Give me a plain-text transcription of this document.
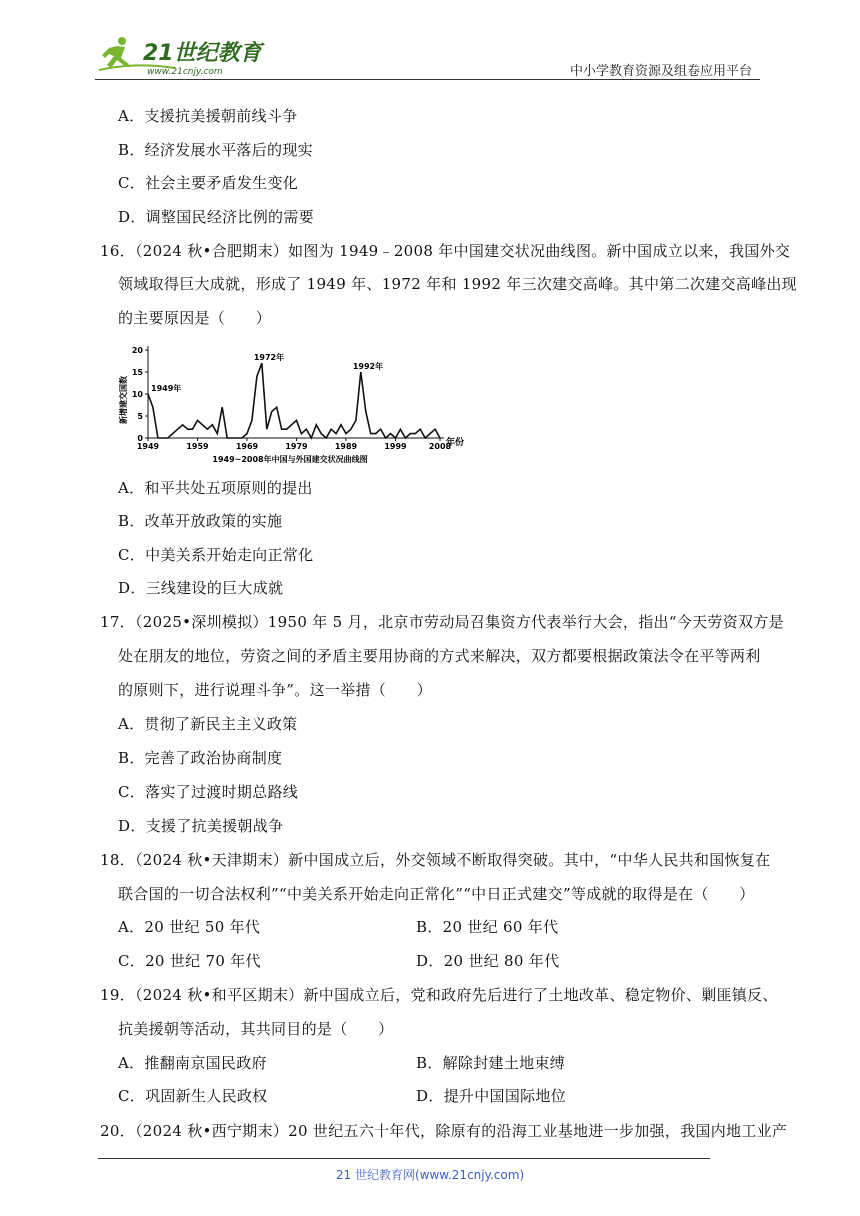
21世纪教育
www.21cnjy.com	中小学教育资源及组卷应用平台
A．支援抗美援朝前线斗争
B．经济发展水平落后的现实
C．社会主要矛盾发生变化
D．调整国民经济比例的需要
16．（2024 秋•合肥期末）如图为 1949﹣2008 年中国建交状况曲线图。新中国成立以来，我国外交
领域取得巨大成就，形成了 1949 年、1972 年和 1992 年三次建交高峰。其中第二次建交高峰出现
的主要原因是（　　）
0
5
10
15
20
1949	1959	1969	1979	1989	1999	2008
1949年
1972年
1992年
新增建交国数
年份
1949~2008年中国与外国建交状况曲线图
A．和平共处五项原则的提出
B．改革开放政策的实施
C．中美关系开始走向正常化
D．三线建设的巨大成就
17．（2025•深圳模拟）1950 年 5 月，北京市劳动局召集资方代表举行大会，指出“今天劳资双方是
处在朋友的地位，劳资之间的矛盾主要用协商的方式来解决，双方都要根据政策法令在平等两利
的原则下，进行说理斗争”。这一举措（　　）
A．贯彻了新民主主义政策
B．完善了政治协商制度
C．落实了过渡时期总路线
D．支援了抗美援朝战争
18．（2024 秋•天津期末）新中国成立后，外交领域不断取得突破。其中，“中华人民共和国恢复在
联合国的一切合法权利”“中美关系开始走向正常化”“中日正式建交”等成就的取得是在（　　）
A．20 世纪 50 年代	B．20 世纪 60 年代
C．20 世纪 70 年代	D．20 世纪 80 年代
19．（2024 秋•和平区期末）新中国成立后，党和政府先后进行了土地改革、稳定物价、剿匪镇反、
抗美援朝等活动，其共同目的是（　　）
A．推翻南京国民政府	B．解除封建土地束缚
C．巩固新生人民政权	D．提升中国国际地位
20．（2024 秋•西宁期末）20 世纪五六十年代，除原有的沿海工业基地进一步加强，我国内地工业产
21 世纪教育网(www.21cnjy.com)
